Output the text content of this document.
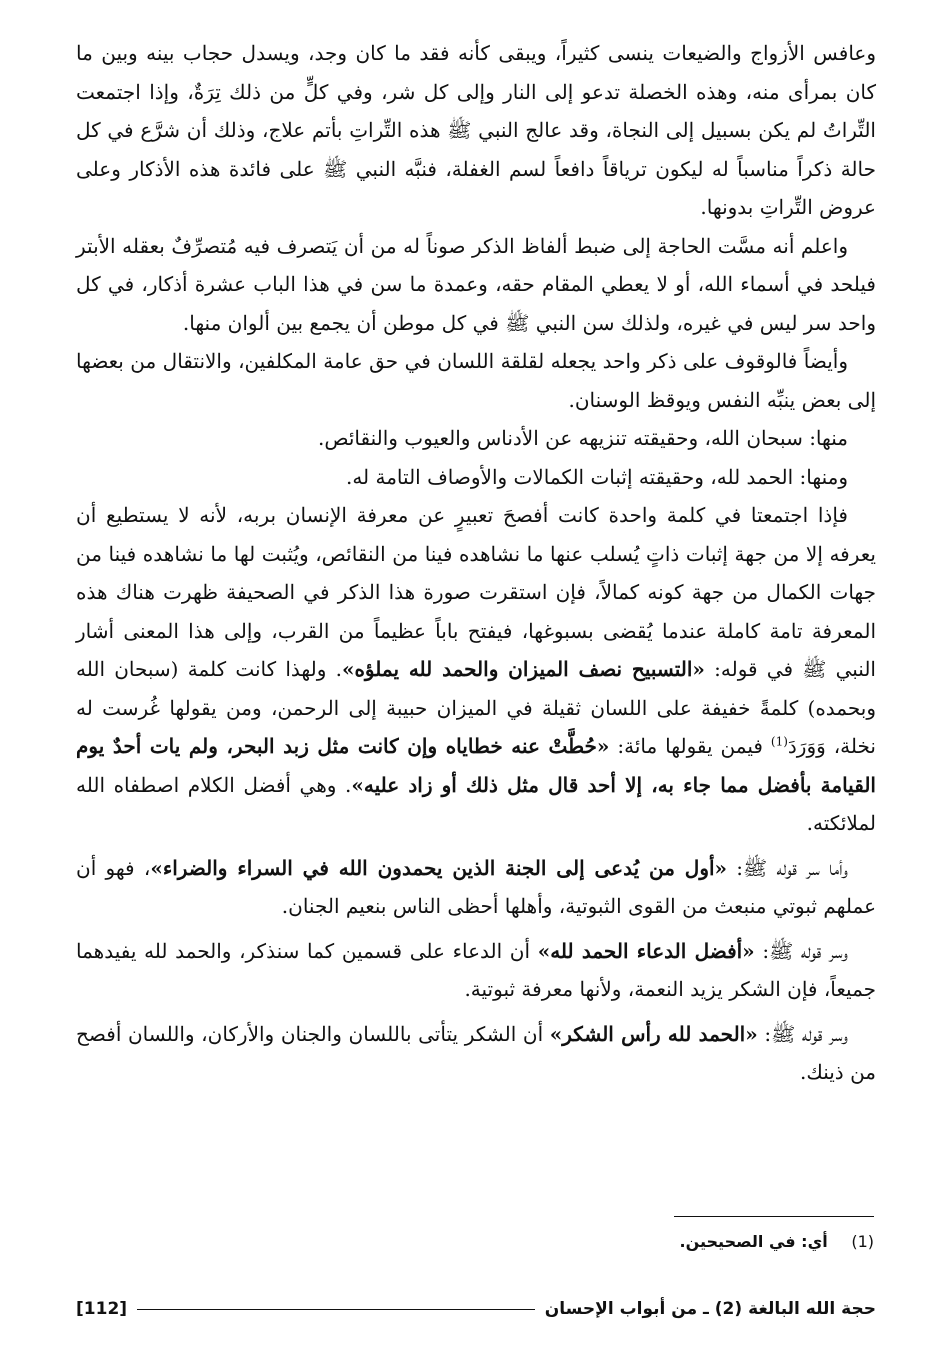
وعافس الأزواج والضيعات ينسى كثيراً، ويبقى كأنه فقد ما كان وجد، ويسدل حجاب بينه وبين ما كان بمرأى منه، وهذه الخصلة تدعو إلى النار وإلى كل شر، وفي كلٍّ من ذلك تِرَةٌ، وإذا اجتمعت التِّراتُ لم يكن بسبيل إلى النجاة، وقد عالج النبي ﷺ هذه التِّراتِ بأتم علاج، وذلك أن شرَّع في كل حالة ذكراً مناسباً له ليكون ترياقاً دافعاً لسم الغفلة، فنبَّه النبي ﷺ على فائدة هذه الأذكار وعلى عروض التِّراتِ بدونها.

واعلم أنه مسَّت الحاجة إلى ضبط ألفاظ الذكر صوناً له من أن يَتصرف فيه مُتصرِّفٌ بعقله الأبتر فيلحد في أسماء الله، أو لا يعطي المقام حقه، وعمدة ما سن في هذا الباب عشرة أذكار، في كل واحد سر ليس في غيره، ولذلك سن النبي ﷺ في كل موطن أن يجمع بين ألوان منها.

وأيضاً فالوقوف على ذكر واحد يجعله لقلقة اللسان في حق عامة المكلفين، والانتقال من بعضها إلى بعض ينبِّه النفس ويوقظ الوسنان.

منها: سبحان الله، وحقيقته تنزيهه عن الأدناس والعيوب والنقائص.

ومنها: الحمد لله، وحقيقته إثبات الكمالات والأوصاف التامة له.

فإذا اجتمعتا في كلمة واحدة كانت أفصحَ تعبيرٍ عن معرفة الإنسان بربه، لأنه لا يستطيع أن يعرفه إلا من جهة إثبات ذاتٍ يُسلب عنها ما نشاهده فينا من النقائص، ويُثبت لها ما نشاهده فينا من جهات الكمال من جهة كونه كمالاً، فإن استقرت صورة هذا الذكر في الصحيفة ظهرت هناك هذه المعرفة تامة كاملة عندما يُقضى بسبوغها، فيفتح باباً عظيماً من القرب، وإلى هذا المعنى أشار النبي ﷺ في قوله: «التسبيح نصف الميزان والحمد لله يملؤه». ولهذا كانت كلمة (سبحان الله وبحمده) كلمةً خفيفة على اللسان ثقيلة في الميزان حبيبة إلى الرحمن، ومن يقولها غُرست له نخلة، وَوَرَدَ$^{(1)}$ فيمن يقولها مائة: «حُطَّتْ عنه خطاياه وإن كانت مثل زبد البحر، ولم يات أحدٌ يوم القيامة بأفضل مما جاء به، إلا أحد قال مثل ذلك أو زاد عليه». وهي أفضل الكلام اصطفاه الله لملائكته.

وأما سر قوله ﷺ: «أول من يُدعى إلى الجنة الذين يحمدون الله في السراء والضراء»، فهو أن عملهم ثبوتي منبعث من القوى الثبوتية، وأهلها أحظى الناس بنعيم الجنان.

وسر قوله ﷺ: «أفضل الدعاء الحمد لله» أن الدعاء على قسمين كما سنذكر، والحمد لله يفيدهما جميعاً، فإن الشكر يزيد النعمة، ولأنها معرفة ثبوتية.

وسر قوله ﷺ: «الحمد لله رأس الشكر» أن الشكر يتأتى باللسان والجنان والأركان، واللسان أفصح من ذينك.

(1) أي: في الصحيحين.
حجة الله البالغة (2) ـ من أبواب الإحسان
[112]
